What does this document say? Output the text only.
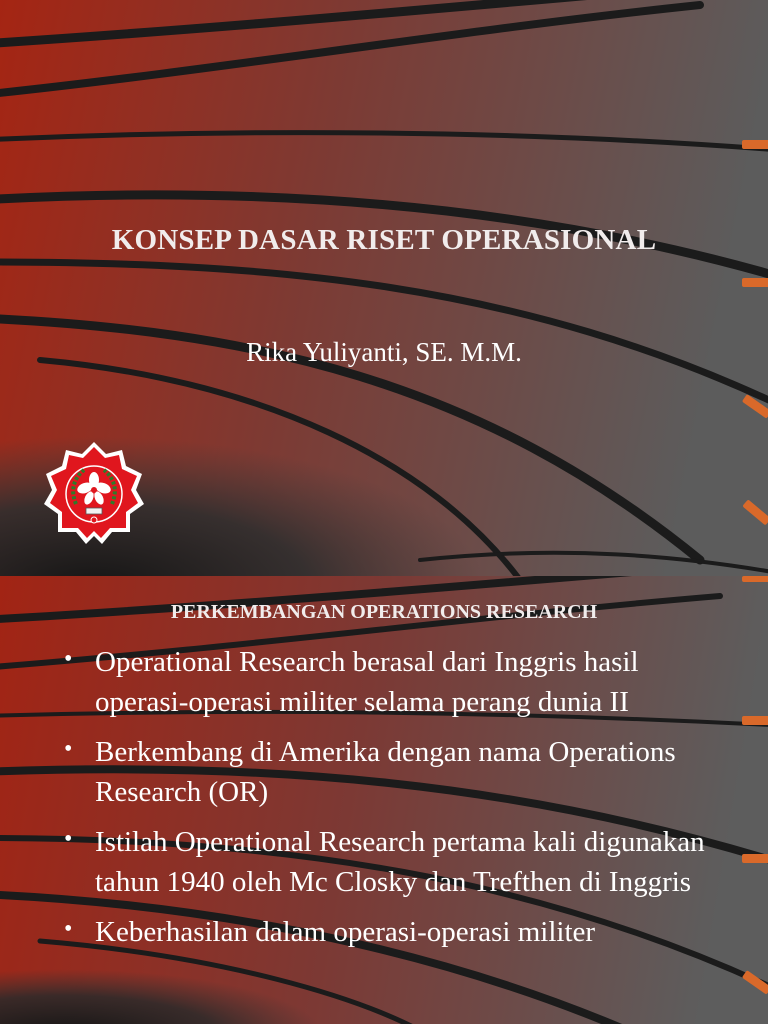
KONSEP DASAR RISET OPERASIONAL
Rika Yuliyanti, SE. M.M.
PERKEMBANGAN OPERATIONS RESEARCH
• Operational Research berasal dari Inggris hasil operasi-operasi militer selama perang dunia II
• Berkembang di Amerika dengan nama Operations Research (OR)
• Istilah Operational Research pertama kali digunakan tahun 1940 oleh Mc Closky dan Trefthen di Inggris
• Keberhasilan dalam operasi-operasi militer
